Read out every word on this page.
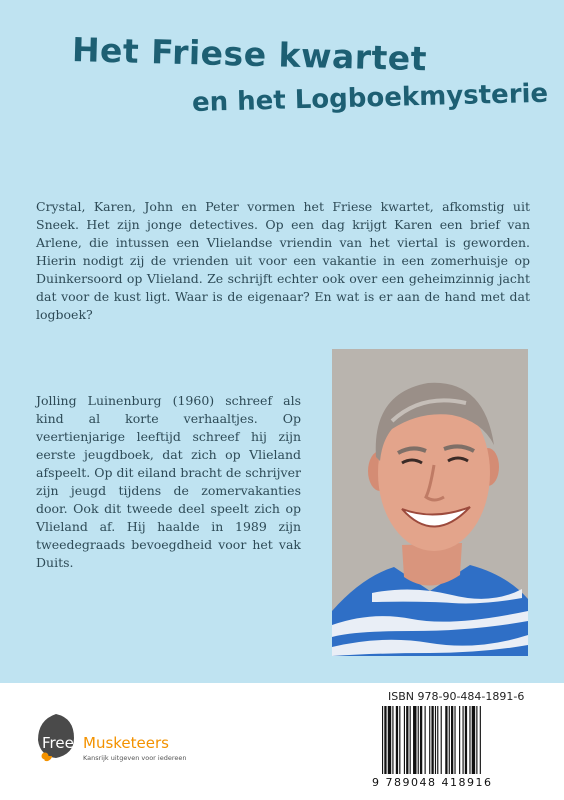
Het Friese kwartet
en het Logboekmysterie

Crystal, Karen, John en Peter vormen het Friese kwartet, afkomstig uit Sneek. Het zijn jonge detectives. Op een dag krijgt Karen een brief van Arlene, die intussen een Vlielandse vriendin van het viertal is geworden. Hierin nodigt zij de vrienden uit voor een vakantie in een zomerhuisje op Duinkersoord op Vlieland. Ze schrijft echter ook over een geheimzinnig jacht dat voor de kust ligt. Waar is de eigenaar? En wat is er aan de hand met dat logboek?

Jolling Luinenburg (1960) schreef als kind al korte verhaaltjes. Op veertienjarige leeftijd schreef hij zijn eerste jeugdboek, dat zich op Vlieland afspeelt. Op dit eiland bracht de schrijver zijn jeugd tijdens de zomervakanties door. Ook dit tweede deel speelt zich op Vlieland af. Hij haalde in 1989 zijn tweedegraads bevoegdheid voor het vak Duits.

Free Musketeers
Kansrijk uitgeven voor iedereen
ISBN 978-90-484-1891-6
9 789048 418916
